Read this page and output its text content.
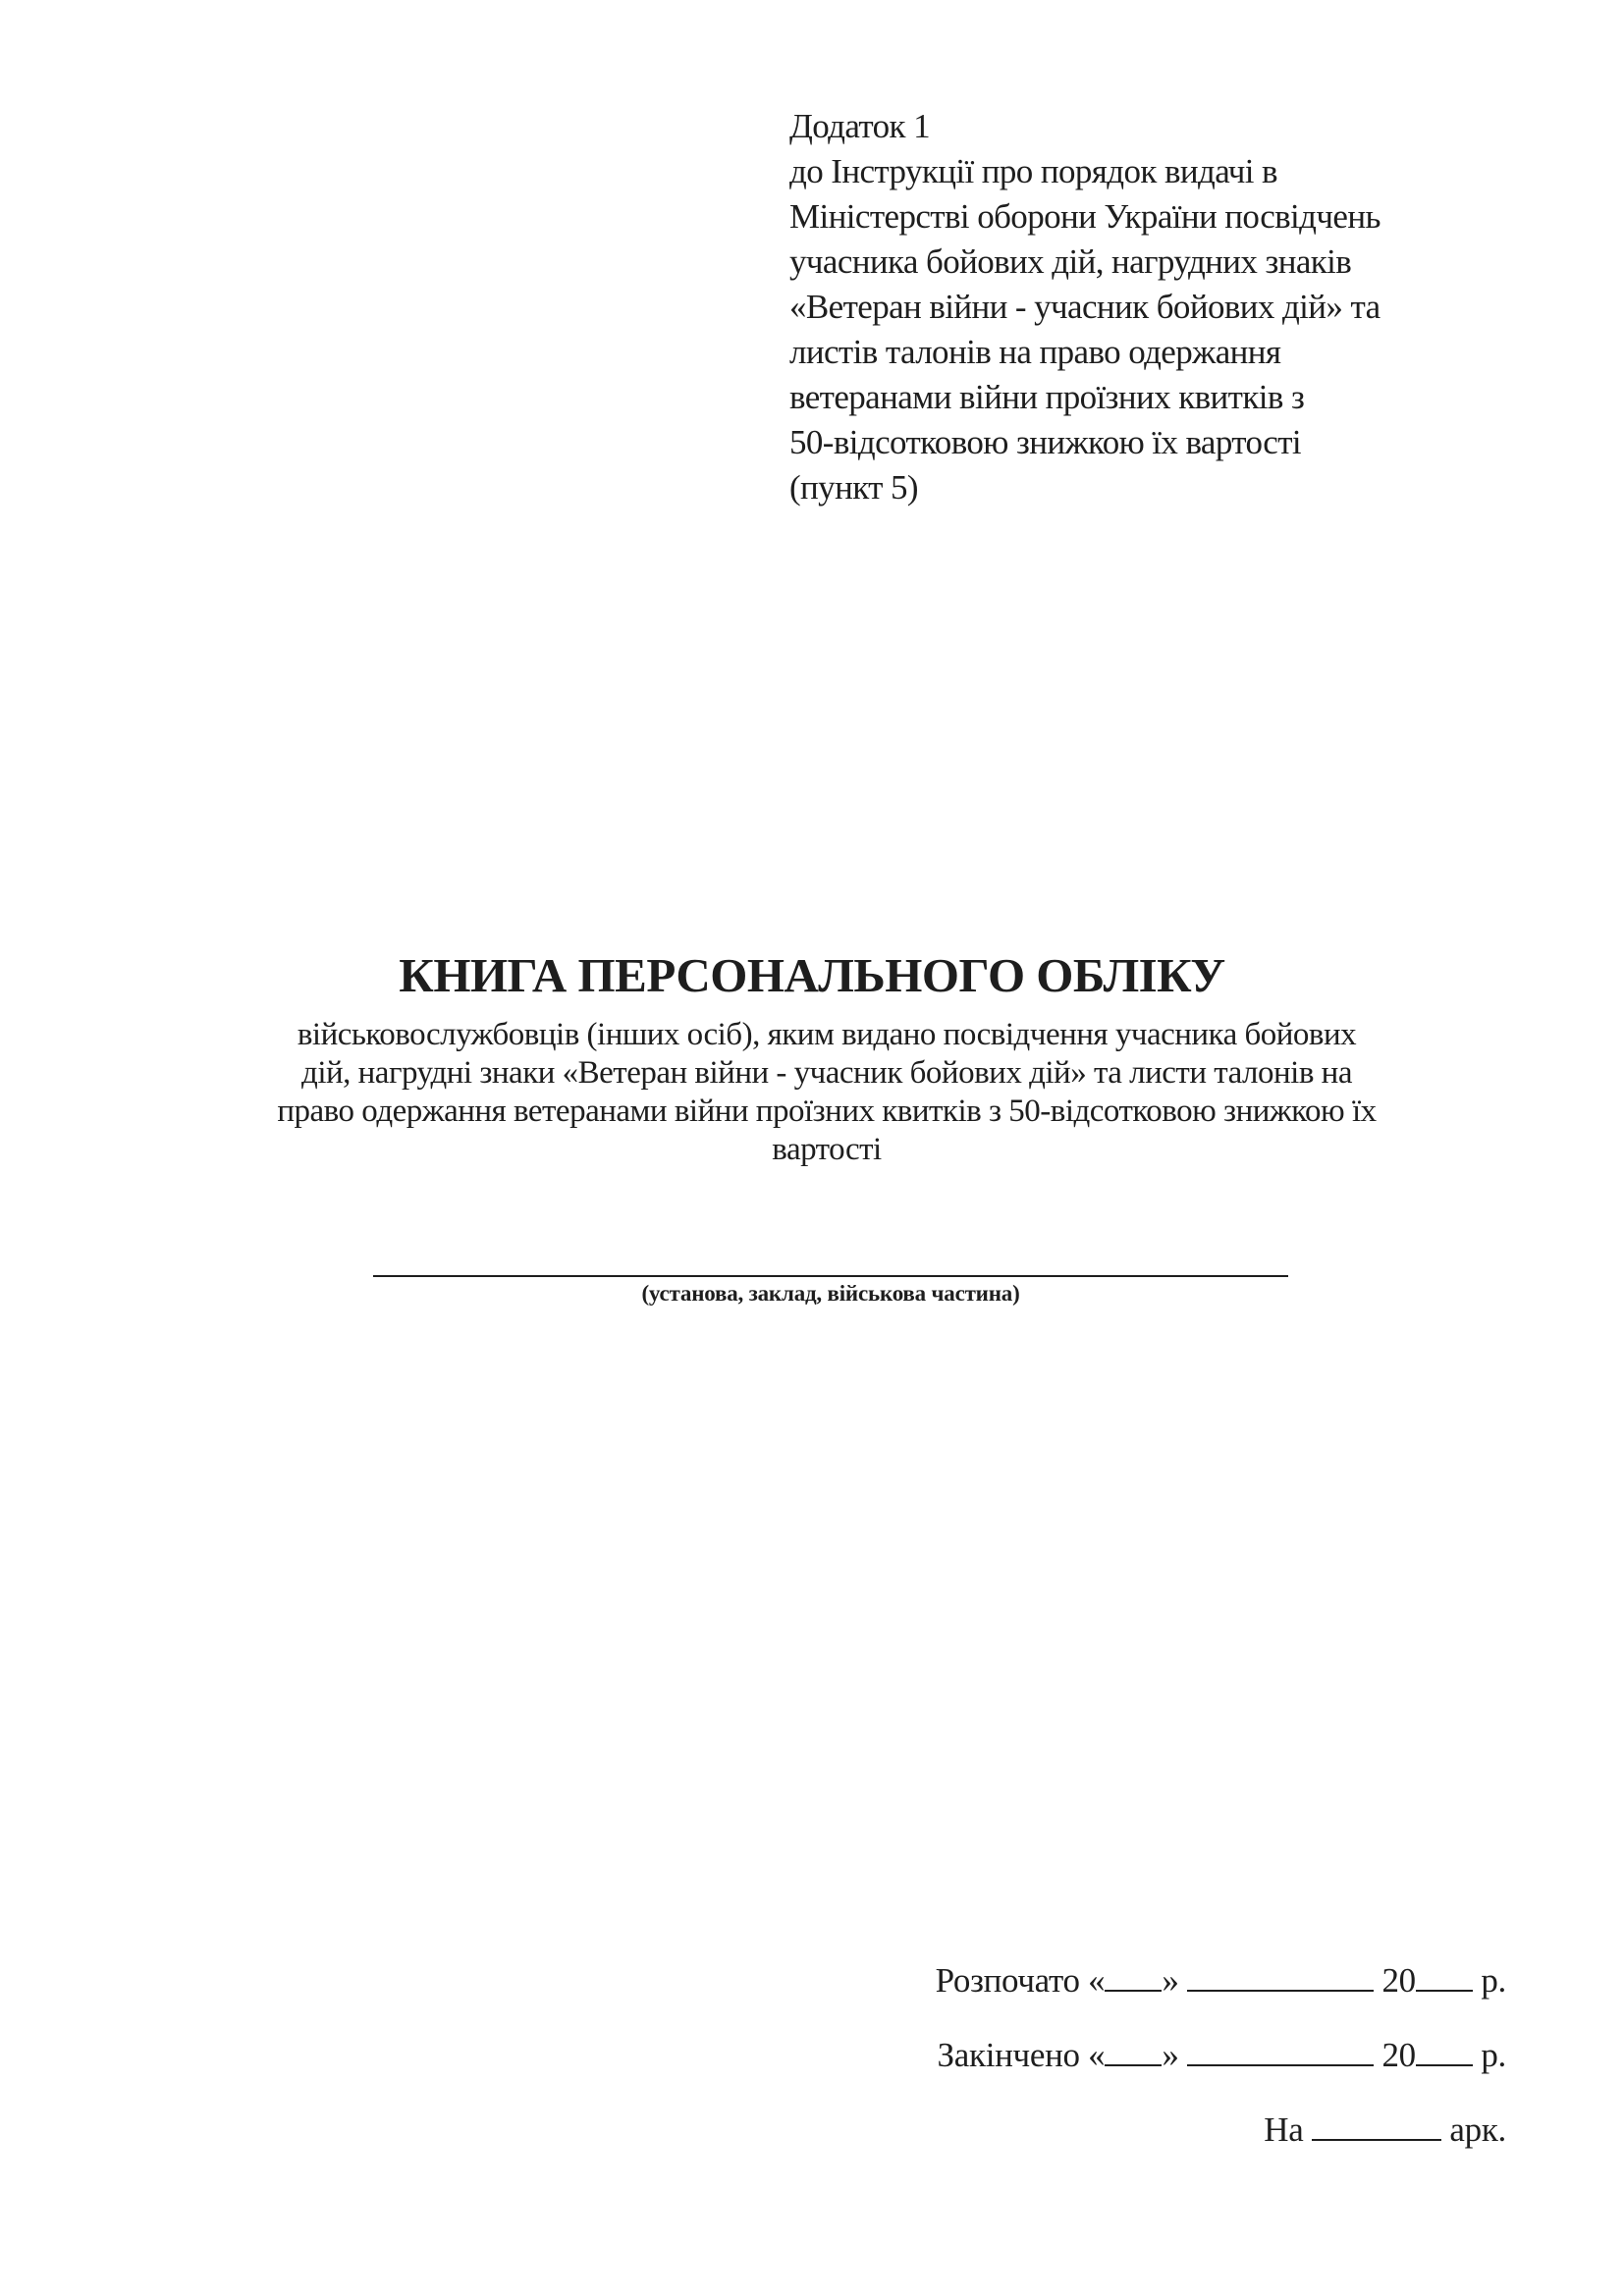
Додаток 1
до Інструкції про порядок видачі в
Міністерстві оборони України посвідчень
учасника бойових дій, нагрудних знаків
«Ветеран війни - учасник бойових дій» та
листів талонів на право одержання
ветеранами війни проїзних квитків з
50-відсотковою знижкою їх вартості
(пункт 5)
КНИГА ПЕРСОНАЛЬНОГО ОБЛІКУ
військовослужбовців (інших осіб), яким видано посвідчення учасника бойових
дій, нагрудні знаки «Ветеран війни - учасник бойових дій» та листи талонів на
право одержання ветеранами війни проїзних квитків з 50-відсотковою знижкою їх
вартості
(установа, заклад, військова частина)
Розпочато « »	20 р.
Закінчено « »	20 р.
На	арк.
